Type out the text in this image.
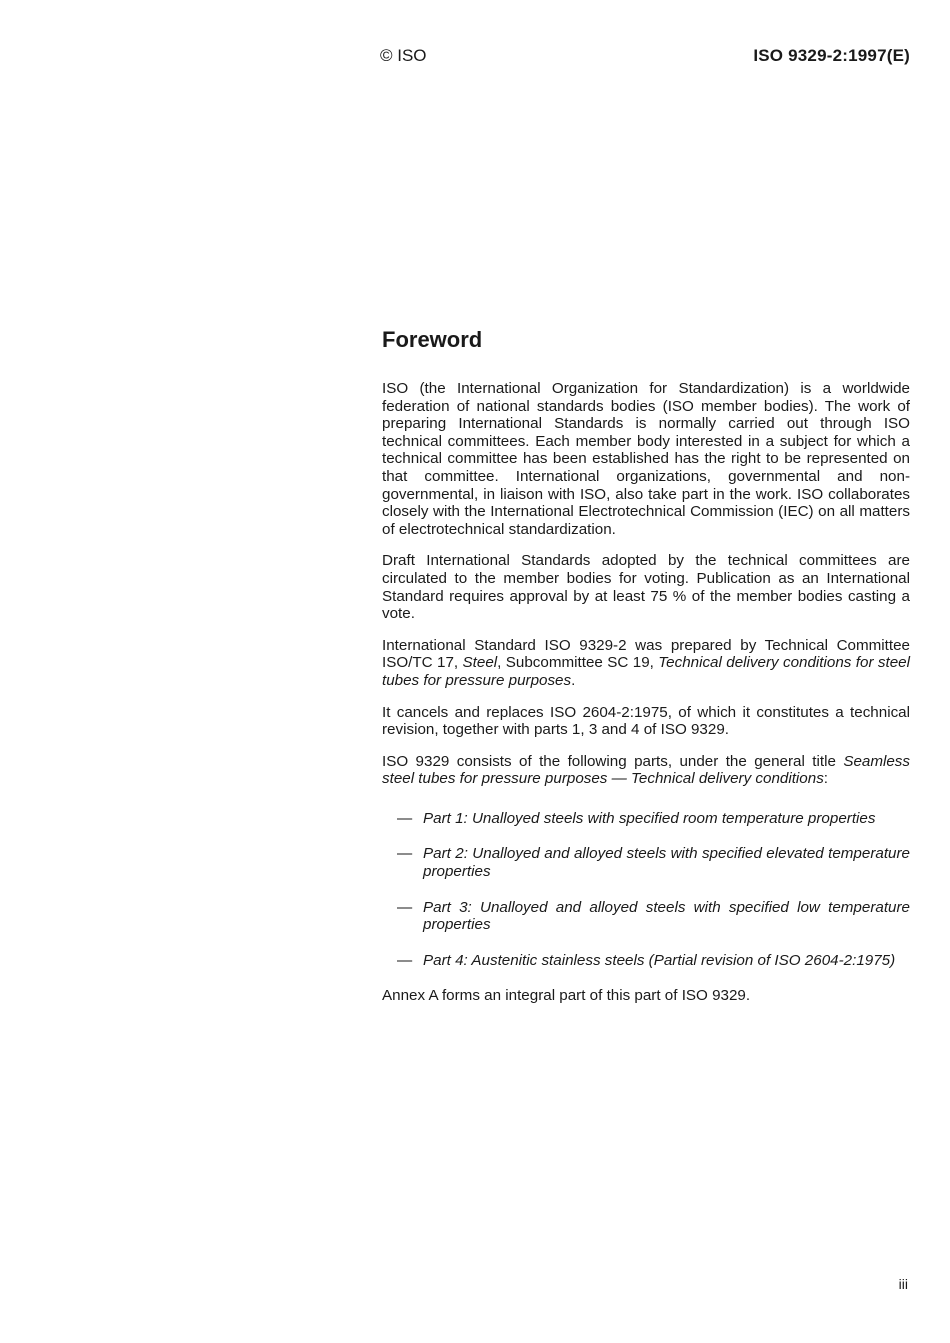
© ISO	ISO 9329-2:1997(E)
Foreword

ISO (the International Organization for Standardization) is a worldwide federation of national standards bodies (ISO member bodies). The work of preparing International Standards is normally carried out through ISO technical committees. Each member body interested in a subject for which a technical committee has been established has the right to be represented on that committee. International organizations, governmental and non-governmental, in liaison with ISO, also take part in the work. ISO collaborates closely with the International Electrotechnical Commission (IEC) on all matters of electrotechnical standardization.

Draft International Standards adopted by the technical committees are circulated to the member bodies for voting. Publication as an International Standard requires approval by at least 75 % of the member bodies casting a vote.

International Standard ISO 9329-2 was prepared by Technical Committee ISO/TC 17, Steel, Subcommittee SC 19, Technical delivery conditions for steel tubes for pressure purposes.

It cancels and replaces ISO 2604-2:1975, of which it constitutes a technical revision, together with parts 1, 3 and 4 of ISO 9329.

ISO 9329 consists of the following parts, under the general title Seamless steel tubes for pressure purposes — Technical delivery conditions:

— Part 1: Unalloyed steels with specified room temperature properties
— Part 2: Unalloyed and alloyed steels with specified elevated temperature properties
— Part 3: Unalloyed and alloyed steels with specified low temperature properties
— Part 4: Austenitic stainless steels (Partial revision of ISO 2604-2:1975)

Annex A forms an integral part of this part of ISO 9329.

iii
